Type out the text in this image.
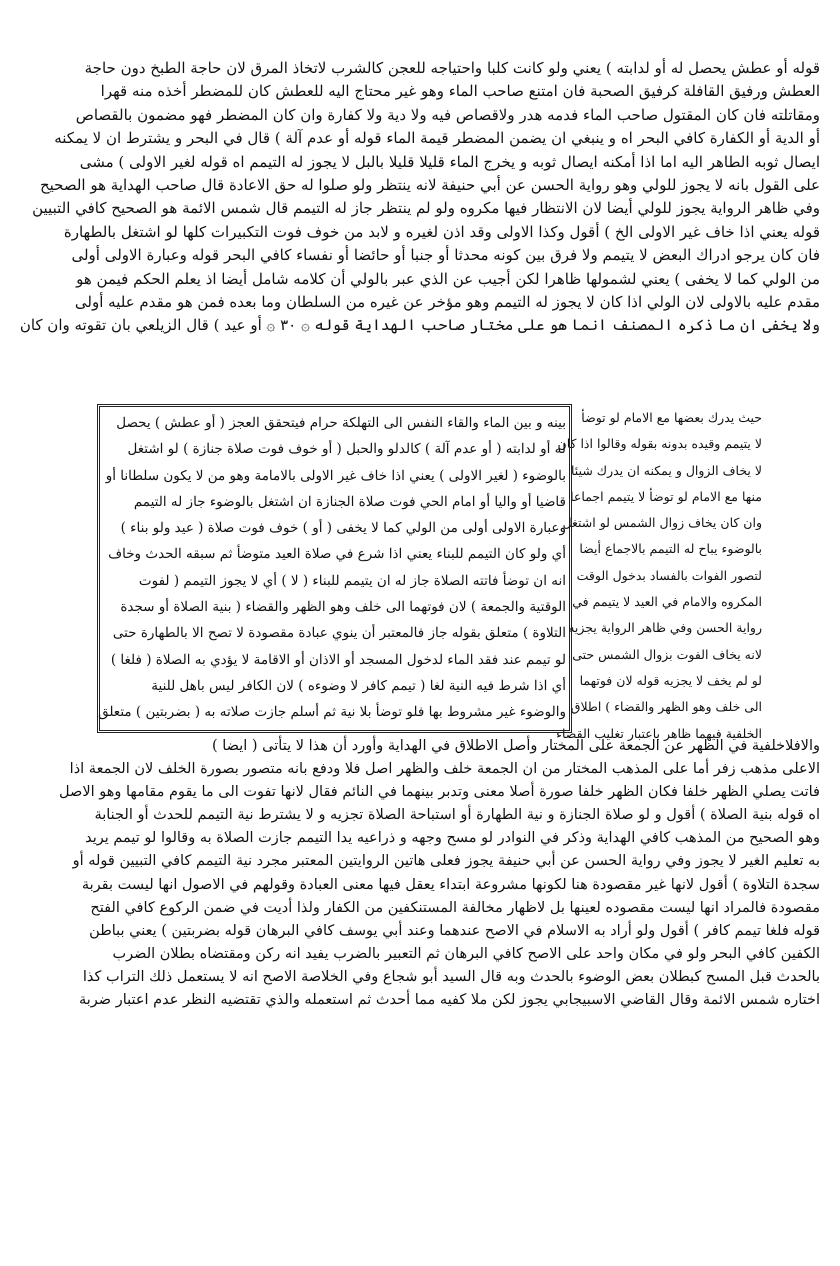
قوله أو عطش يحصل له أو لدابته ) يعني ولو كانت كلبا واحتياجه للعجن كالشرب لاتخاذ المرق لان حاجة الطبخ دون حاجة
العطش ورفيق القافلة كرفيق الصحبة فان امتنع صاحب الماء وهو غير محتاج اليه للعطش كان للمضطر أخذه منه قهرا
ومقاتلته فان كان المقتول صاحب الماء فدمه هدر ولاقصاص فيه ولا دية ولا كفارة وان كان المضطر فهو مضمون بالقصاص
أو الدية أو الكفارة كافي البحر اه و ينبغي ان يضمن المضطر قيمة الماء قوله أو عدم آلة ) قال في البحر و يشترط ان لا يمكنه
ايصال ثوبه الطاهر اليه اما اذا أمكنه ايصال ثوبه و يخرج الماء قليلا قليلا بالبل لا يجوز له التيمم اه قوله لغير الاولى ) مشى
على القول بانه لا يجوز للولي وهو رواية الحسن عن أبي حنيفة لانه ينتظر ولو صلوا له حق الاعادة قال صاحب الهداية هو الصحيح
وفي ظاهر الرواية يجوز للولي أيضا لان الانتظار فيها مكروه ولو لم ينتظر جاز له التيمم قال شمس الائمة هو الصحيح كافي التبيين
قوله يعني اذا خاف غير الاولى الخ ) أقول وكذا الاولى وقد اذن لغيره و لابد من خوف فوت التكبيرات كلها لو اشتغل بالطهارة
فان كان يرجو ادراك البعض لا يتيمم ولا فرق بين كونه محدثا أو جنبا أو حائضا أو نفساء كافي البحر قوله وعبارة الاولى أولى
من الولي كما لا يخفى ) يعني لشمولها ظاهرا لكن أجيب عن الذي عبر بالولي أن كلامه شامل أيضا اذ يعلم الحكم فيمن هو
مقدم عليه بالاولى لان الولي اذا كان لا يجوز له التيمم وهو مؤخر عن غيره من السلطان وما بعده فمن هو مقدم عليه أولى
ولا يخفى ان ما ذكره المصنف انما هو على مختار صاحب الهداية قوله ۞ ٣٠ ۞ أو عيد ) قال الزيلعي بان تقوته وان كان
حيث يدرك بعضها مع الامام لو توضأ
لا يتيمم وقيده بدونه بقوله وقالوا اذا كان
لا يخاف الزوال و يمكنه ان يدرك شيئا
منها مع الامام لو توضأ لا يتيمم اجماعا
وان كان يخاف زوال الشمس لو اشتغل
بالوضوء يباح له التيمم بالاجماع أيضا
لتصور الفوات بالفساد بدخول الوقت
المكروه والامام في العيد لا يتيمم في
رواية الحسن وفي ظاهر الرواية يجزيه
لانه يخاف الفوت بزوال الشمس حتى
لو لم يخف لا يجزيه قوله لان فوتهما
الى خلف وهو الظهر والقضاء ) اطلاق
الخلفية فيهما ظاهر باعتبار تغليب القضاء
بينه و بين الماء والقاء النفس الى التهلكة حرام فيتحقق العجز ( أو عطش ) يحصل
له أو لدابته ( أو عدم آلة ) كالدلو والحبل ( أو خوف فوت صلاة جنازة ) لو اشتغل
بالوضوء ( لغير الاولى ) يعني اذا خاف غير الاولى بالامامة وهو من لا يكون سلطانا أو
قاضيا أو واليا أو امام الحي فوت صلاة الجنازة ان اشتغل بالوضوء جاز له التيمم
وعبارة الاولى أولى من الولي كما لا يخفى ( أو ) خوف فوت صلاة ( عيد ولو بناء )
أي ولو كان التيمم للبناء يعني اذا شرع في صلاة العيد متوضأ ثم سبقه الحدث وخاف
انه ان توضأ فاتته الصلاة جاز له ان يتيمم للبناء ( لا ) أي لا يجوز التيمم ( لفوت
الوقتية والجمعة ) لان فوتهما الى خلف وهو الظهر والقضاء ( بنية الصلاة أو سجدة
التلاوة ) متعلق بقوله جاز فالمعتبر أن ينوي عبادة مقصودة لا تصح الا بالطهارة حتى
لو تيمم عند فقد الماء لدخول المسجد أو الاذان أو الاقامة لا يؤدي به الصلاة ( فلغا )
أي اذا شرط فيه النية لغا ( تيمم كافر لا وضوءه ) لان الكافر ليس باهل للنية
والوضوء غير مشروط بها فلو توضأ بلا نية ثم أسلم جازت صلاته به ( بضربتين ) متعلق
والافلاخلفية في الظهر عن الجمعة على المختار وأصل الاطلاق في الهداية وأورد أن هذا لا يتأتى ( ايضا )
الاعلى مذهب زفر أما على المذهب المختار من ان الجمعة خلف والظهر اصل فلا ودفع بانه متصور بصورة الخلف لان الجمعة اذا
فاتت يصلي الظهر خلفا فكان الظهر خلفا صورة أصلا معنى وتدبر بينهما في النائم فقال لانها تفوت الى ما يقوم مقامها وهو الاصل
اه قوله بنية الصلاة ) أقول و لو صلاة الجنازة و نية الطهارة أو استباحة الصلاة تجزيه و لا يشترط نية التيمم للحدث أو الجنابة
وهو الصحيح من المذهب كافي الهداية وذكر في النوادر لو مسح وجهه و ذراعيه يدا التيمم جازت الصلاة به وقالوا لو تيمم يريد
به تعليم الغير لا يجوز وفي رواية الحسن عن أبي حنيفة يجوز فعلى هاتين الروايتين المعتبر مجرد نية التيمم كافي التبيين قوله أو
سجدة التلاوة ) أقول لانها غير مقصودة هنا لكونها مشروعة ابتداء يعقل فيها معنى العبادة وقولهم في الاصول انها ليست بقربة
مقصودة فالمراد انها ليست مقصوده لعينها بل لاظهار مخالفة المستنكفين من الكفار ولذا أديت في ضمن الركوع كافي الفتح
قوله فلغا تيمم كافر ) أقول ولو أراد به الاسلام في الاصح عندهما وعند أبي يوسف كافي البرهان قوله بضربتين ) يعني بباطن
الكفين كافي البحر ولو في مكان واحد على الاصح كافي البرهان ثم التعبير بالضرب يفيد انه ركن ومقتضاه بطلان الضرب
بالحدث قبل المسح كبطلان بعض الوضوء بالحدث وبه قال السيد أبو شجاع وفي الخلاصة الاصح انه لا يستعمل ذلك التراب كذا
اختاره شمس الائمة وقال القاضي الاسبيجابي يجوز لكن ملا كفيه مما أحدث ثم استعمله والذي تقتضيه النظر عدم اعتبار ضربة
